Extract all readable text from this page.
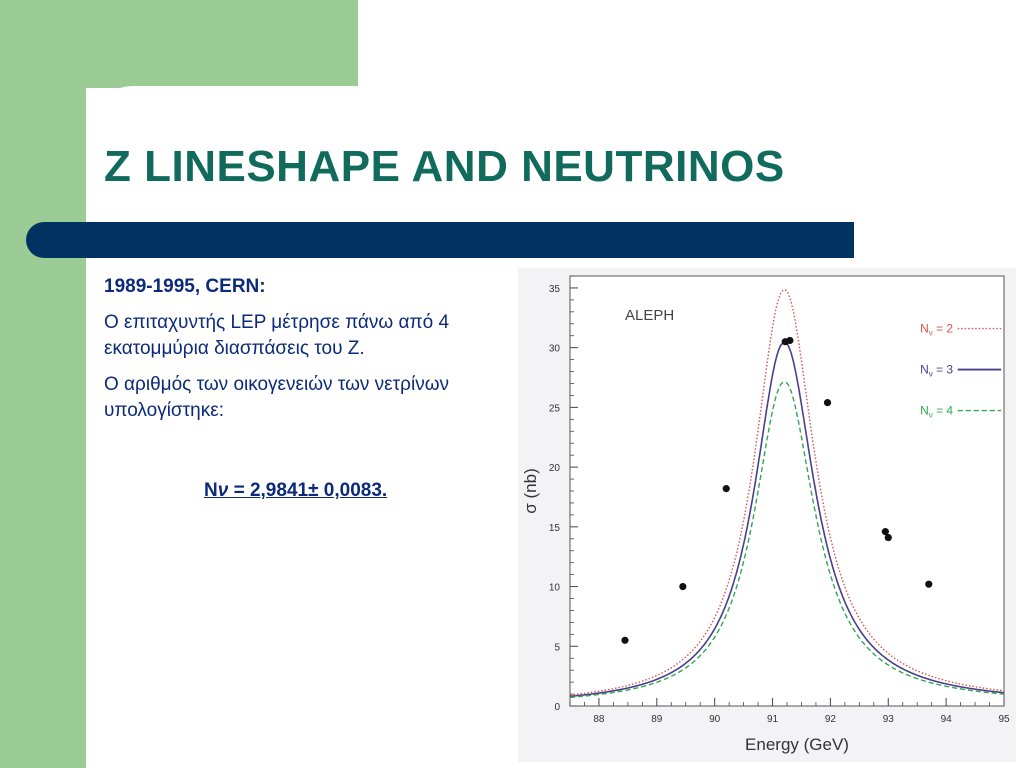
Z LINESHAPE AND NEUTRINOS

1989-1995, CERN:

Ο επιταχυντής LEP μέτρησε πάνω από 4 εκατομμύρια διασπάσεις του Z.

Ο αριθμός των οικογενειών των νετρίνων υπολογίστηκε:

Nν = 2,9841± 0,0083.

0
5
10
15
20
25
30
35
88	89	90	91	92	93	94	95
Energy (GeV)
σ (nb)
ALEPH
$N_\nu = 2$
$N_\nu = 3$
$N_\nu = 4$
